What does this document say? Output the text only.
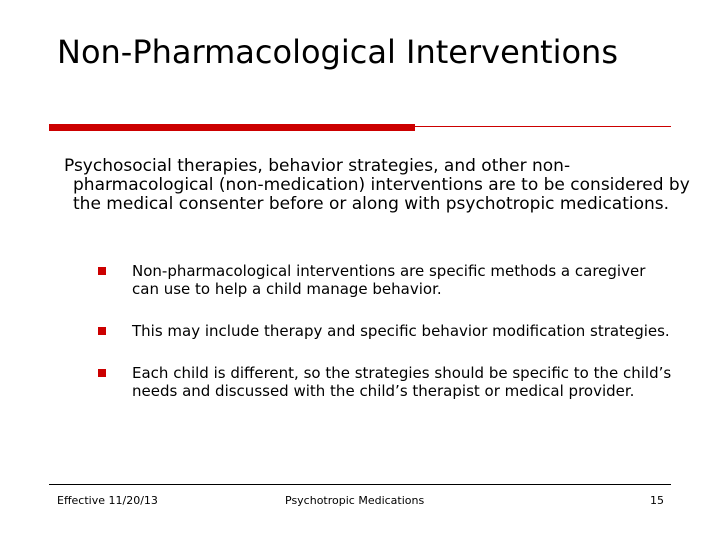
Non-Pharmacological Interventions

Psychosocial therapies, behavior strategies, and other non-pharmacological (non-medication) interventions are to be considered by the medical consenter before or along with psychotropic medications.

Non-pharmacological interventions are specific methods a caregiver can use to help a child manage behavior.
This may include therapy and specific behavior modification strategies.
Each child is different, so the strategies should be specific to the child’s needs and discussed with the child’s therapist or medical provider.
Effective 11/20/13	Psychotropic Medications	15
